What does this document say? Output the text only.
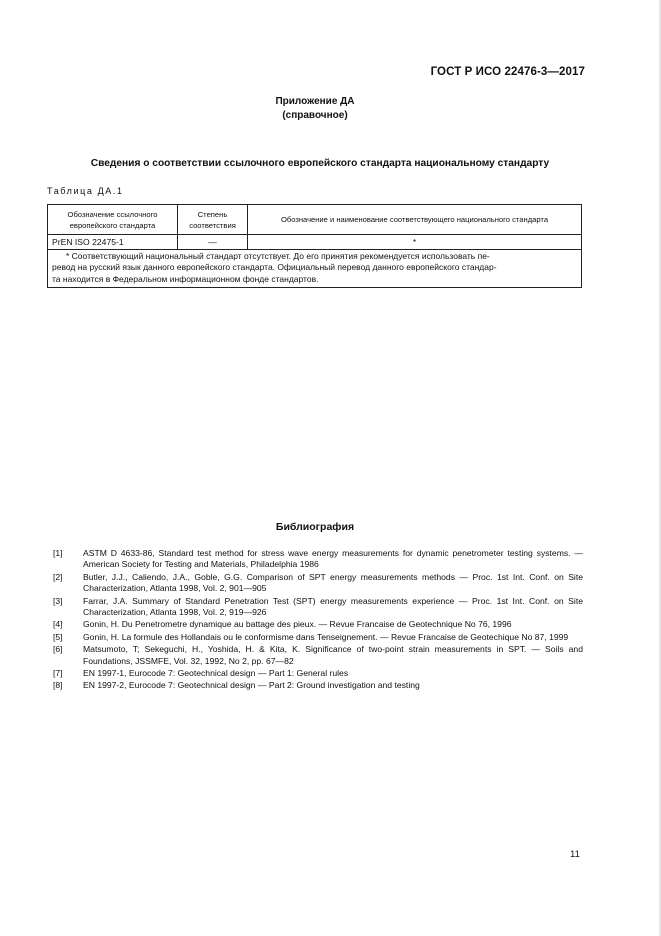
ГОСТ Р ИСО 22476-3—2017
Приложение ДА
(справочное)
Сведения о соответствии ссылочного европейского стандарта национальному стандарту
Таблица ДА.1
Обозначение ссылочного европейского стандарта	Степень соответствия	Обозначение и наименование соответствующего национального стандарта
PrEN ISO 22475-1	—	*

* Соответствующий национальный стандарт отсутствует. До его принятия рекомендуется использовать пе-
ревод на русский язык данного европейского стандарта. Официальный перевод данного европейского стандар-
та находится в Федеральном информационном фонде стандартов.		
Библиография
[1] ASTM D 4633-86, Standard test method for stress wave energy measurements for dynamic penetrometer testing systems. — American Society for Testing and Materials, Philadelphia 1986
[2] Butler, J.J., Caliendo, J.A., Goble, G.G. Comparison of SPT energy measurements methods — Proc. 1st Int. Conf. on Site Characterization, Atlanta 1998, Vol. 2, 901—905
[3] Farrar, J.A. Summary of Standard Penetration Test (SPT) energy measurements experience — Proc. 1st Int. Conf. on Site Characterization, Atlanta 1998, Vol. 2, 919—926
[4] Gonin, H. Du Penetrometre dynamique au battage des pieux. — Revue Francaise de Geotechnique No 76, 1996
[5] Gonin, H. La formule des Hollandais ou le conformisme dans Tenseignement. — Revue Francaise de Geotechique No 87, 1999
[6] Matsumoto, T; Sekeguchi, H., Yoshida, H. & Kita, K. Significance of two-point strain measurements in SPT. — Soils and Foundations, JSSMFE, Vol. 32, 1992, No 2, pp. 67—82
[7] EN 1997-1, Eurocode 7: Geotechnical design — Part 1: General rules
[8] EN 1997-2, Eurocode 7: Geotechnical design — Part 2: Ground investigation and testing
11
